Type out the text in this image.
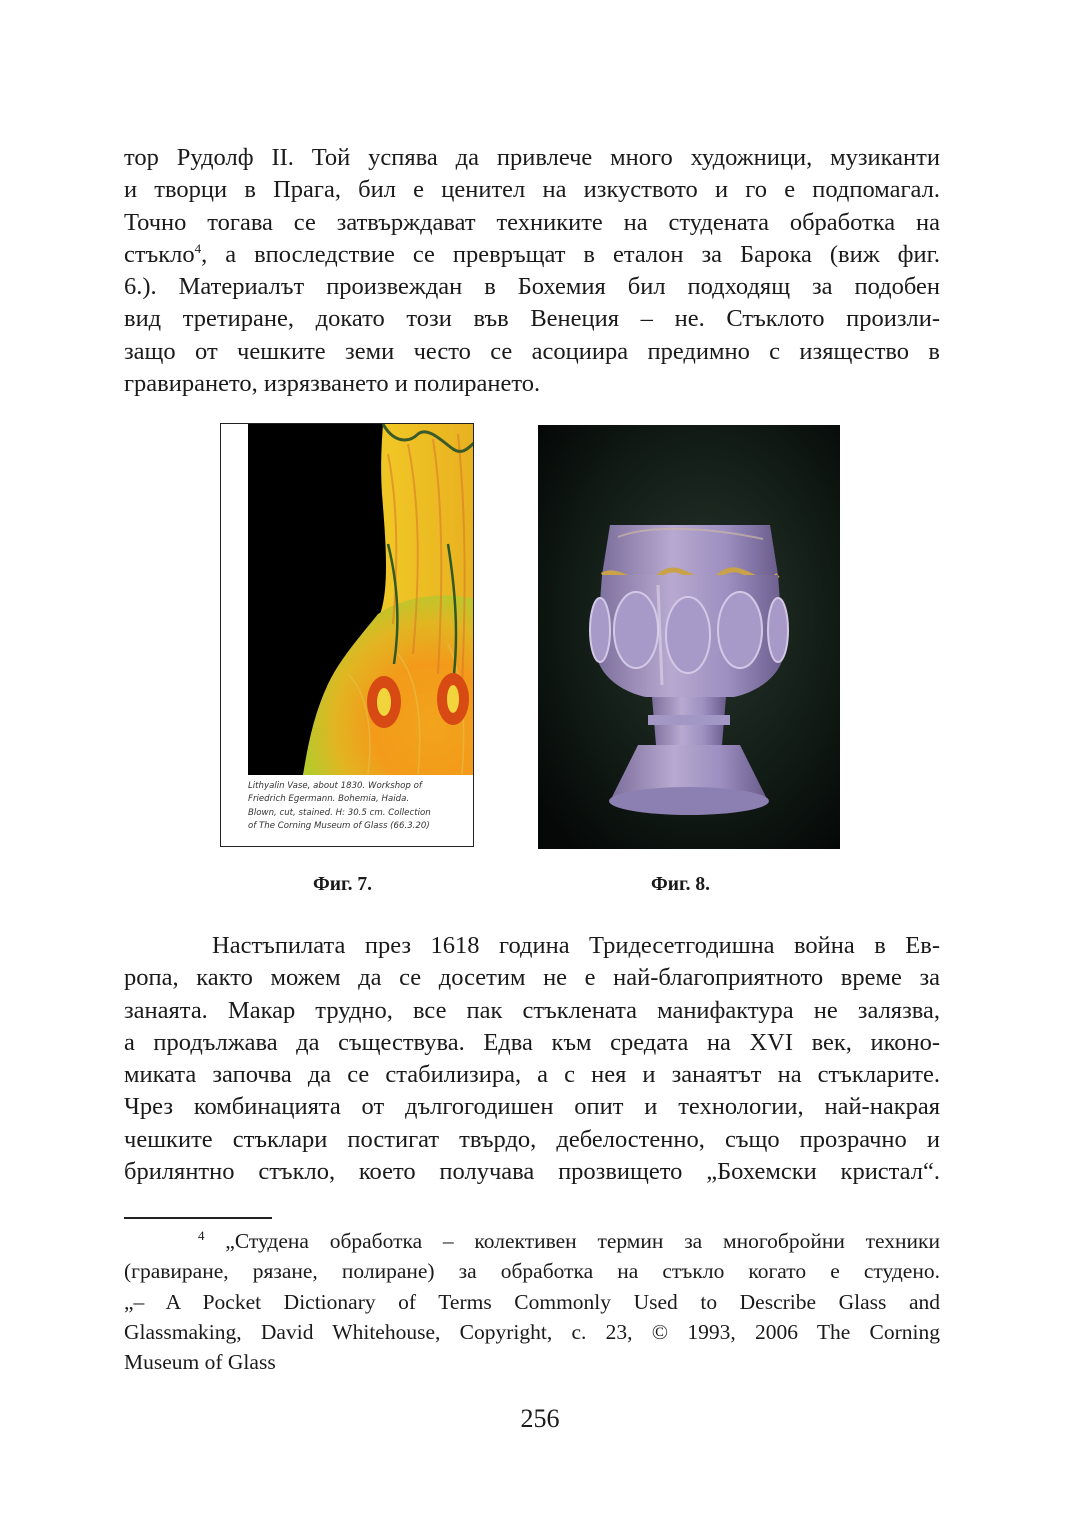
тор Рудолф II. Той успява да привлече много художници, музиканти
и творци в Прага, бил е ценител на изкуството и го е подпомагал.
Точно тогава се затвърждават техниките на студената обработка на
стъкло$^4$, а впоследствие се превръщат в еталон за Барока (виж фиг.
6.). Материалът произвеждан в Бохемия бил подходящ за подобен
вид третиране, докато този във Венеция – не. Стъклото произли-
защо от чешките земи често се асоциира предимно с изящество в
гравирането, изрязването и полирането.
Lithyalin Vase, about 1830. Workshop of
Friedrich Egermann. Bohemia, Haida.
Blown, cut, stained. H: 30.5 cm. Collection
of The Corning Museum of Glass (66.3.20)
Фиг. 7.	Фиг. 8.
Настъпилата през 1618 година Тридесетгодишна война в Ев-
ропа, както можем да се досетим не е най-благоприятното време за
занаята. Макар трудно, все пак стъклената манифактура не залязва,
а продължава да съществува. Едва към средата на XVI век, иконо-
миката започва да се стабилизира, а с нея и занаятът на стъкларите.
Чрез комбинацията от дългогодишен опит и технологии, най-накрая
чешките стъклари постигат твърдо, дебелостенно, също прозрачно и
брилянтно стъкло, което получава прозвището „Бохемски кристал“.
$^4$ „Студена обработка – колективен термин за многобройни техники
(гравиране, рязане, полиране) за обработка на стъкло когато е студено.
„– A Pocket Dictionary of Terms Commonly Used to Describe Glass and
Glassmaking, David Whitehouse, Copyright, c. 23, © 1993, 2006 The Corning
Museum of Glass
256
